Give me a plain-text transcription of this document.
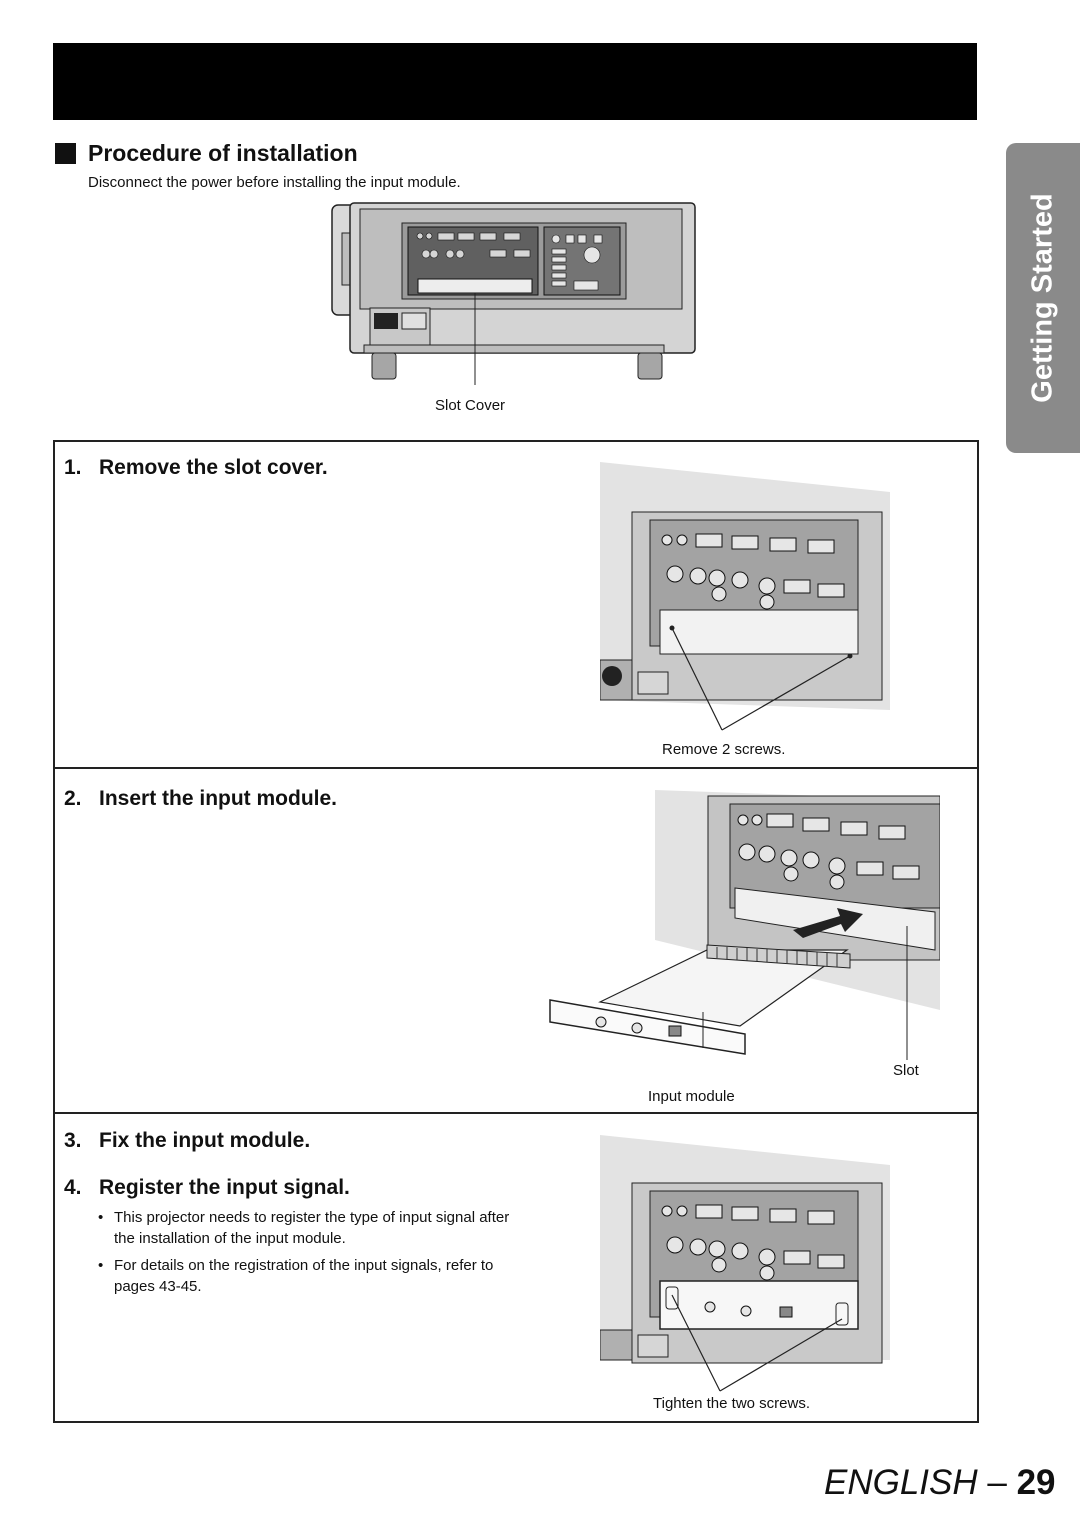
Procedure of installation
Disconnect the power before installing the input module.
Getting Started
Slot Cover
1. Remove the slot cover.
Remove 2 screws.
2. Insert the input module.
Slot
Input module
3. Fix the input module.
4. Register the input signal.
• This projector needs to register the type of input signal after the installation of the input module.
• For details on the registration of the input signals, refer to pages 43-45.
Tighten the two screws.
ENGLISH – 29
